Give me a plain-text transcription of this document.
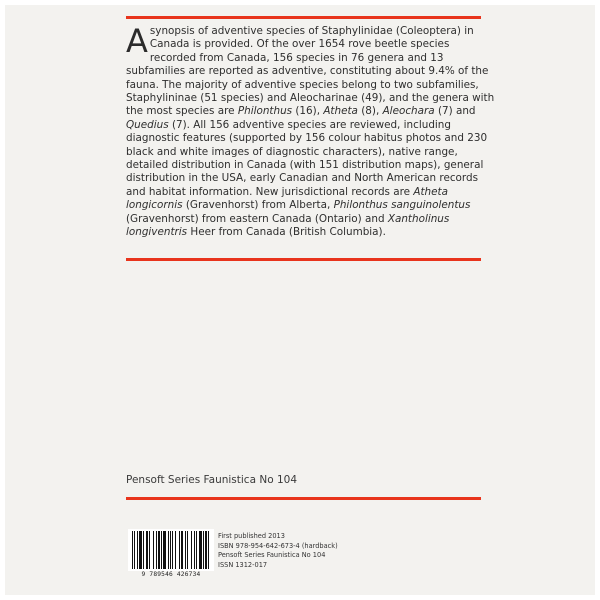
A synopsis of adventive species of Staphylinidae (Coleoptera) in Canada is provided. Of the over 1654 rove beetle species recorded from Canada, 156 species in 76 genera and 13 subfamilies are reported as adventive, constituting about 9.4% of the fauna. The majority of adventive species belong to two subfamilies, Staphylininae (51 species) and Aleocharinae (49), and the genera with the most species are Philonthus (16), Atheta (8), Aleochara (7) and Quedius (7). All 156 adventive species are reviewed, including diagnostic features (supported by 156 colour habitus photos and 230 black and white images of diagnostic characters), native range, detailed distribution in Canada (with 151 distribution maps), general distribution in the USA, early Canadian and North American records and habitat information. New jurisdictional records are Atheta longicornis (Gravenhorst) from Alberta, Philonthus sanguinolentus (Gravenhorst) from eastern Canada (Ontario) and Xantholinus longiventris Heer from Canada (British Columbia).

Pensoft Series Faunistica No 104
9 789546 426734
First published 2013
ISBN 978-954-642-673-4 (hardback)
Pensoft Series Faunistica No 104
ISSN 1312-017
